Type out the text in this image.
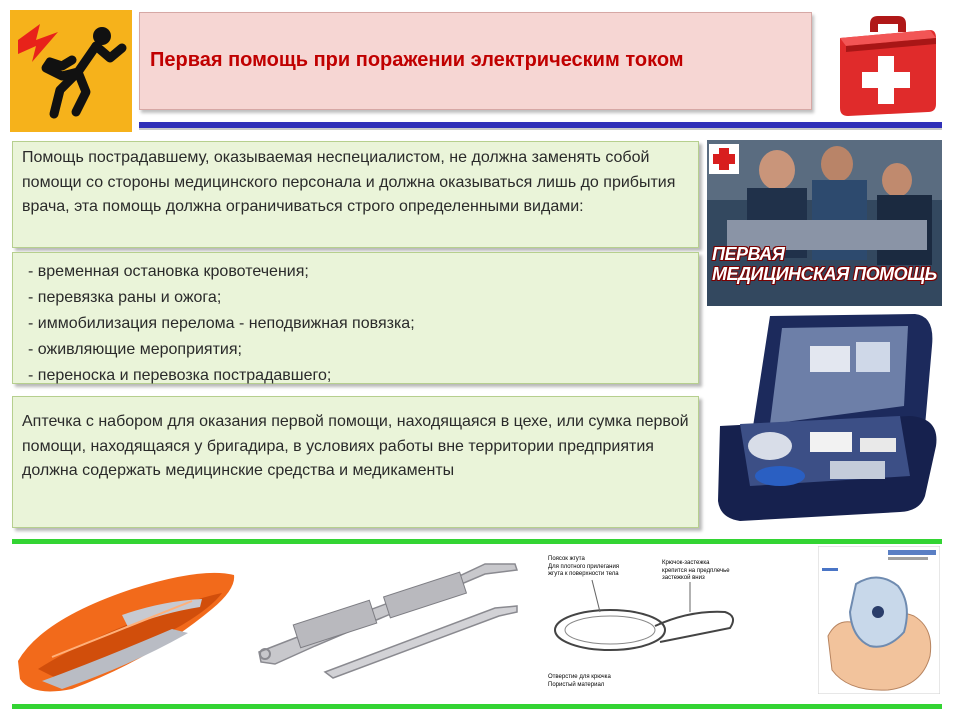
Первая помощь при поражении электрическим током
Помощь пострадавшему, оказываемая неспециалистом, не должна заменять собой помощи со стороны медицинского персонала и должна оказываться лишь до прибытия врача, эта помощь должна ограничиваться строго определенными видами:
- временная остановка кровотечения;
- перевязка раны и ожога;
- иммобилизация перелома - неподвижная повязка;
- оживляющие мероприятия;
- переноска и перевозка пострадавшего;
Аптечка с набором для оказания первой помощи, находящаяся в цехе, или сумка первой помощи, находящаяся у бригадира, в условиях работы вне территории предприятия должна содержать медицинские средства и медикаменты
ПЕРВАЯ
МЕДИЦИНСКАЯ ПОМОЩЬ
Поясок жгута
Для плотного прилегания
жгута к поверхности тела
Крючок-застежка
крепится на предплечье
застежкой вниз
Отверстие для крючка
Пористый материал
